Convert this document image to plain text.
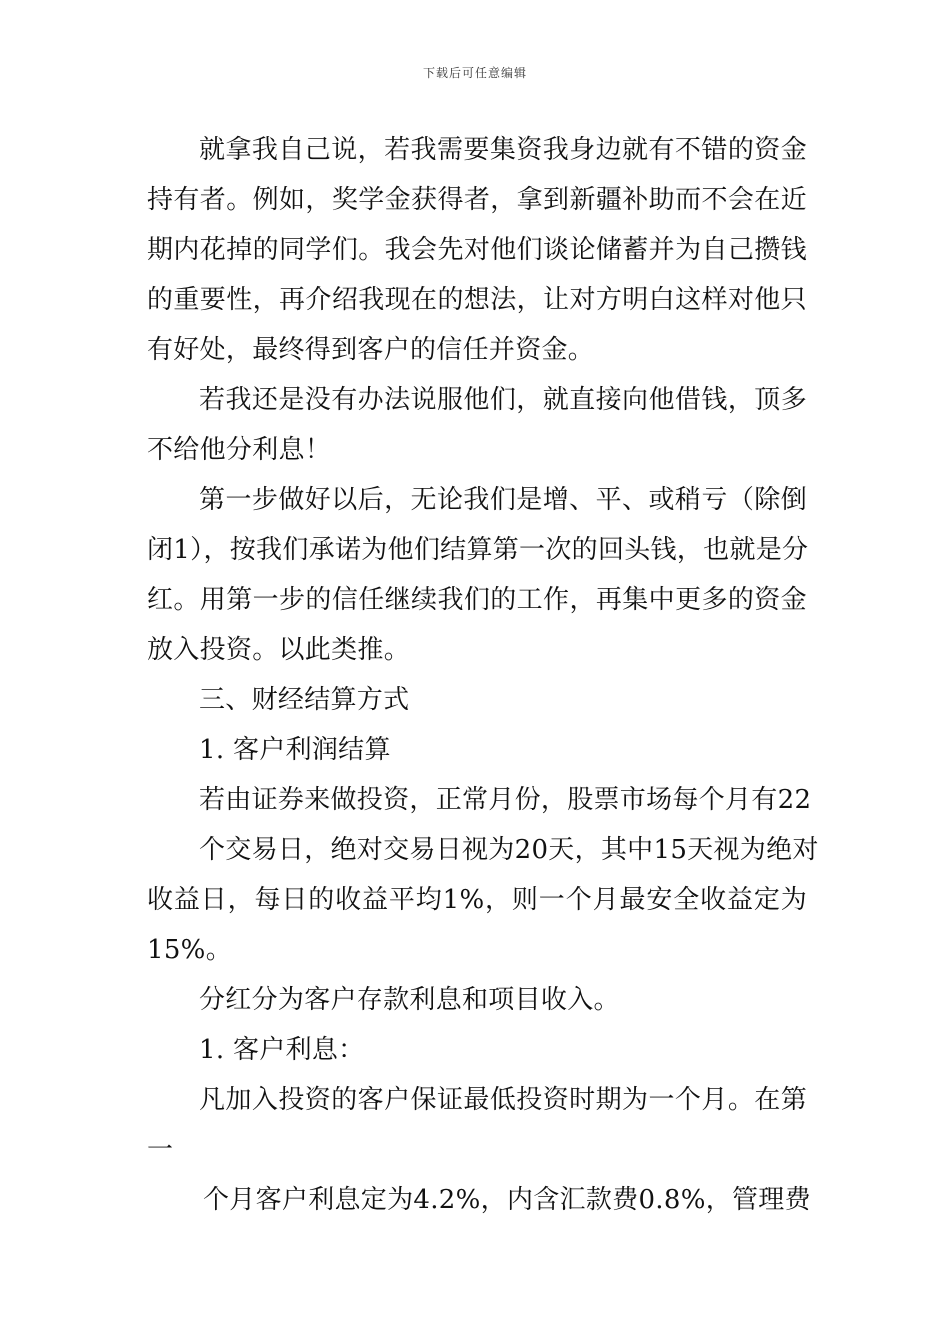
下载后可任意编辑
就拿我自己说，若我需要集资我身边就有不错的资金
持有者。例如，奖学金获得者，拿到新疆补助而不会在近
期内花掉的同学们。我会先对他们谈论储蓄并为自己攒钱
的重要性，再介绍我现在的想法，让对方明白这样对他只
有好处，最终得到客户的信任并资金。
若我还是没有办法说服他们，就直接向他借钱，顶多
不给他分利息！
第一步做好以后，无论我们是增、平、或稍亏（除倒
闭1），按我们承诺为他们结算第一次的回头钱，也就是分
红。用第一步的信任继续我们的工作，再集中更多的资金
放入投资。以此类推。
三、财经结算方式
1. 客户利润结算
若由证券来做投资，正常月份，股票市场每个月有22
个交易日，绝对交易日视为20天，其中15天视为绝对
收益日，每日的收益平均1%，则一个月最安全收益定为
15%。
分红分为客户存款利息和项目收入。
1. 客户利息：
凡加入投资的客户保证最低投资时期为一个月。在第
一
个月客户利息定为4.2%，内含汇款费0.8%，管理费
